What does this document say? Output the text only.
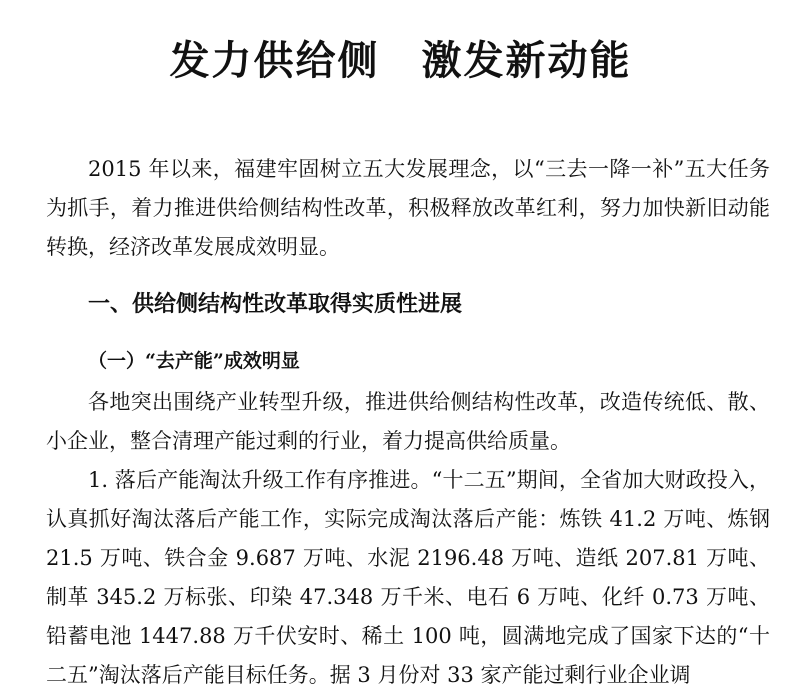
发力供给侧　激发新动能

2015 年以来，福建牢固树立五大发展理念，以“三去一降一补”五大任务为抓手，着力推进供给侧结构性改革，积极释放改革红利，努力加快新旧动能转换，经济改革发展成效明显。

一、供给侧结构性改革取得实质性进展
（一）“去产能”成效明显

各地突出围绕产业转型升级，推进供给侧结构性改革，改造传统低、散、小企业，整合清理产能过剩的行业，着力提高供给质量。

1. 落后产能淘汰升级工作有序推进。“十二五”期间，全省加大财政投入，认真抓好淘汰落后产能工作，实际完成淘汰落后产能：炼铁 41.2 万吨、炼钢 21.5 万吨、铁合金 9.687 万吨、水泥 2196.48 万吨、造纸 207.81 万吨、制革 345.2 万标张、印染 47.348 万千米、电石 6 万吨、化纤 0.73 万吨、铅蓄电池 1447.88 万千伏安时、稀土 100 吨，圆满地完成了国家下达的“十二五”淘汰落后产能目标任务。据 3 月份对 33 家产能过剩行业企业调
